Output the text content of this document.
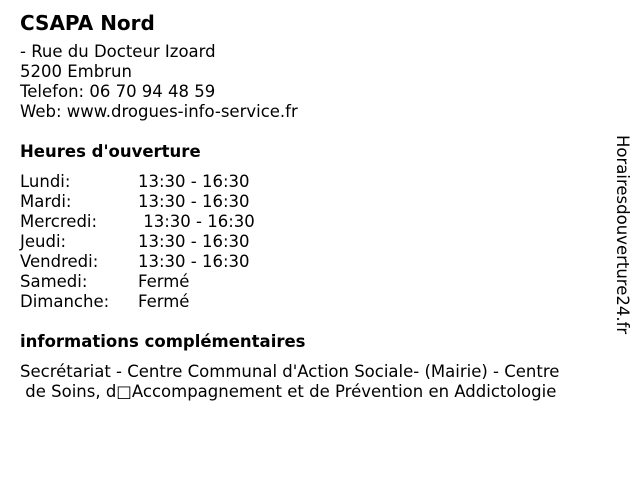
CSAPA Nord
- Rue du Docteur Izoard
5200 Embrun
Telefon: 06 70 94 48 59
Web: www.drogues-info-service.fr
Heures d'ouverture
Lundi:	13:30 - 16:30
Mardi:	13:30 - 16:30
Mercredi:	13:30 - 16:30
Jeudi:	13:30 - 16:30
Vendredi:	13:30 - 16:30
Samedi:	Fermé
Dimanche:	Fermé
informations complémentaires
Secrétariat - Centre Communal d'Action Sociale- (Mairie) - Centre
de Soins, d□Accompagnement et de Prévention en Addictologie
Horairesdouverture24.fr
